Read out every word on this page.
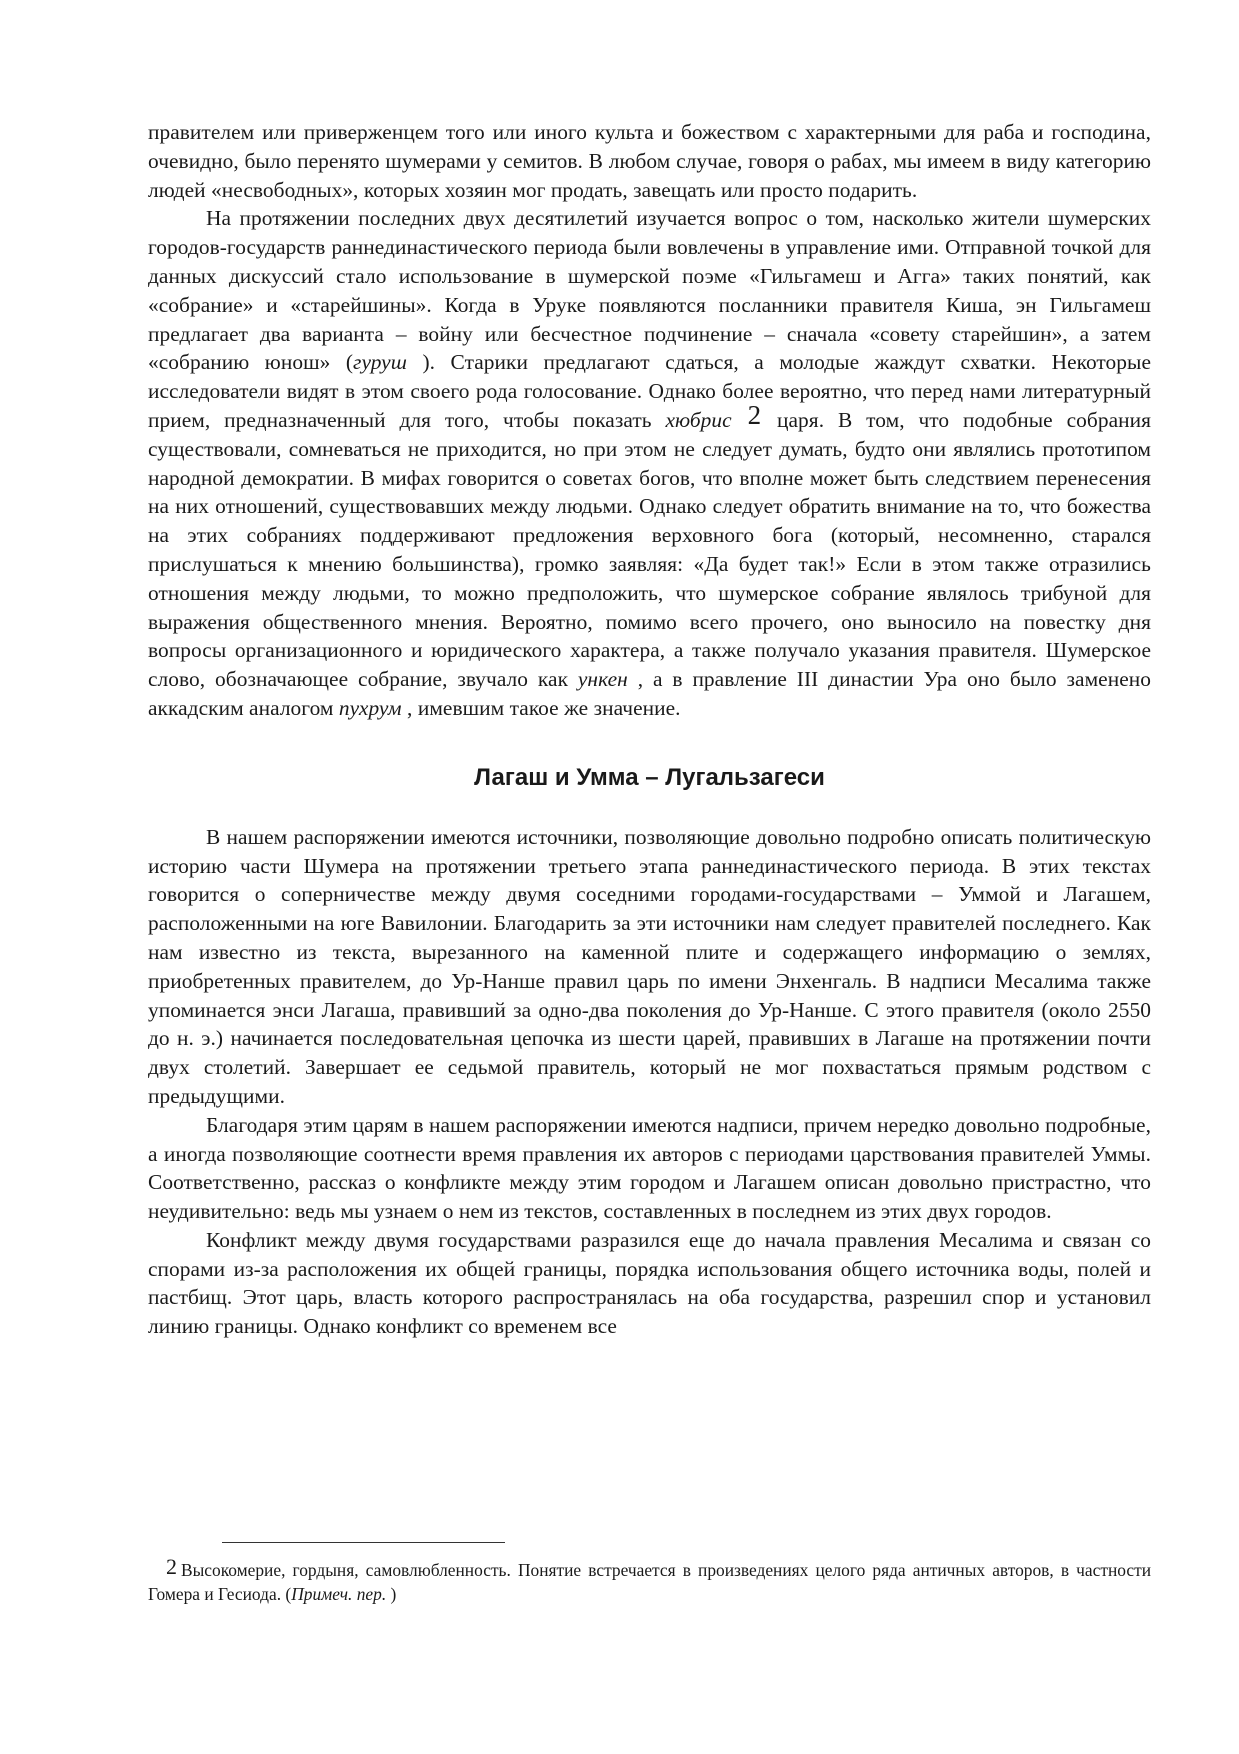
правителем или приверженцем того или иного культа и божеством с характерными для раба и господина, очевидно, было перенято шумерами у семитов. В любом случае, говоря о рабах, мы имеем в виду категорию людей «несвободных», которых хозяин мог продать, завещать или просто подарить.

На протяжении последних двух десятилетий изучается вопрос о том, насколько жители шумерских городов-государств раннединастического периода были вовлечены в управление ими. Отправной точкой для данных дискуссий стало использование в шумерской поэме «Гильгамеш и Агга» таких понятий, как «собрание» и «старейшины». Когда в Уруке появляются посланники правителя Киша, эн Гильгамеш предлагает два варианта – войну или бесчестное подчинение – сначала «совету старейшин», а затем «собранию юнош» (гуруш ). Старики предлагают сдаться, а молодые жаждут схватки. Некоторые исследователи видят в этом своего рода голосование. Однако более вероятно, что перед нами литературный прием, предназначенный для того, чтобы показать хюбрис 2 царя. В том, что подобные собрания существовали, сомневаться не приходится, но при этом не следует думать, будто они являлись прототипом народной демократии. В мифах говорится о советах богов, что вполне может быть следствием перенесения на них отношений, существовавших между людьми. Однако следует обратить внимание на то, что божества на этих собраниях поддерживают предложения верховного бога (который, несомненно, старался прислушаться к мнению большинства), громко заявляя: «Да будет так!» Если в этом также отразились отношения между людьми, то можно предположить, что шумерское собрание являлось трибуной для выражения общественного мнения. Вероятно, помимо всего прочего, оно выносило на повестку дня вопросы организационного и юридического характера, а также получало указания правителя. Шумерское слово, обозначающее собрание, звучало как ункен , а в правление III династии Ура оно было заменено аккадским аналогом пухрум , имевшим такое же значение.

Лагаш и Умма – Лугальзагеси

В нашем распоряжении имеются источники, позволяющие довольно подробно описать политическую историю части Шумера на протяжении третьего этапа раннединастического периода. В этих текстах говорится о соперничестве между двумя соседними городами-государствами – Уммой и Лагашем, расположенными на юге Вавилонии. Благодарить за эти источники нам следует правителей последнего. Как нам известно из текста, вырезанного на каменной плите и содержащего информацию о землях, приобретенных правителем, до Ур-Нанше правил царь по имени Энхенгаль. В надписи Месалима также упоминается энси Лагаша, правивший за одно-два поколения до Ур-Нанше. С этого правителя (около 2550 до н. э.) начинается последовательная цепочка из шести царей, правивших в Лагаше на протяжении почти двух столетий. Завершает ее седьмой правитель, который не мог похвастаться прямым родством с предыдущими.

Благодаря этим царям в нашем распоряжении имеются надписи, причем нередко довольно подробные, а иногда позволяющие соотнести время правления их авторов с периодами царствования правителей Уммы. Соответственно, рассказ о конфликте между этим городом и Лагашем описан довольно пристрастно, что неудивительно: ведь мы узнаем о нем из текстов, составленных в последнем из этих двух городов.

Конфликт между двумя государствами разразился еще до начала правления Месалима и связан со спорами из-за расположения их общей границы, порядка использования общего источника воды, полей и пастбищ. Этот царь, власть которого распространялась на оба государства, разрешил спор и установил линию границы. Однако конфликт со временем все

2 Высокомерие, гордыня, самовлюбленность. Понятие встречается в произведениях целого ряда античных авторов, в частности Гомера и Гесиода. (Примеч. пер. )
